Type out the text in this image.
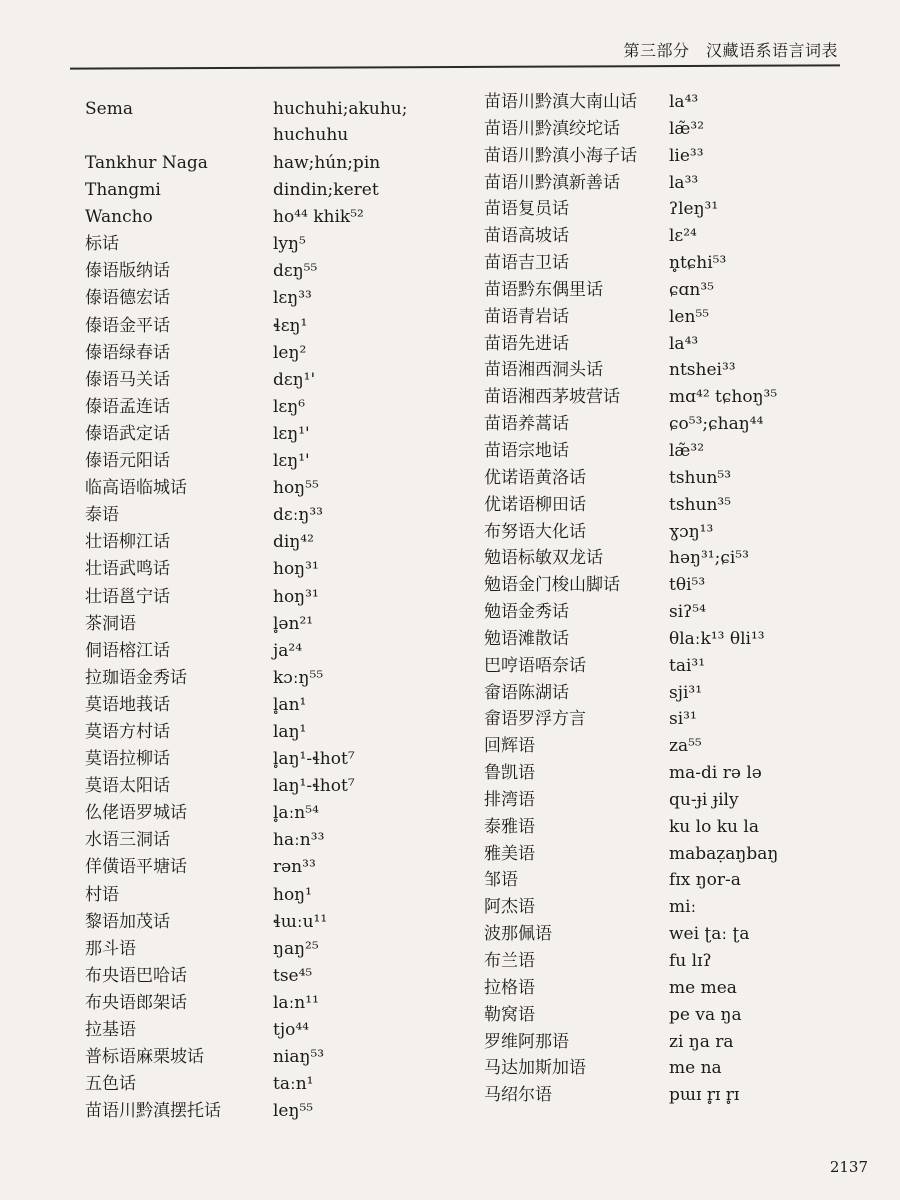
第三部分　汉藏语系语言词表
Sema	huchuhi;akuhu; huchuhu
Tankhur Naga	haw;hún;pin
Thangmi	dindin;keret
Wancho	ho⁴⁴ khik⁵²
标话	lyŋ⁵
傣语版纳话	dɛŋ⁵⁵
傣语德宏话	lɛŋ³³
傣语金平话	ɬɛŋ¹
傣语绿春话	leŋ²
傣语马关话	dɛŋ¹'
傣语孟连话	lɛŋ⁶
傣语武定话	lɛŋ¹'
傣语元阳话	lɛŋ¹'
临高语临城话	hoŋ⁵⁵
泰语	dɛːŋ³³
壮语柳江话	diŋ⁴²
壮语武鸣话	hoŋ³¹
壮语邕宁话	hoŋ³¹
茶洞语	l̥ən²¹
侗语榕江话	ja²⁴
拉珈语金秀话	kɔːŋ⁵⁵
莫语地莪话	l̥an¹
莫语方村话	laŋ¹
莫语拉柳话	l̥aŋ¹-ɬhot⁷
莫语太阳话	laŋ¹-ɬhot⁷
仫佬语罗城话	l̥aːn⁵⁴
水语三洞话	haːn³³
佯僙语平塘话	rən³³
村语	hoŋ¹
黎语加茂话	ɬɯːu¹¹
那斗语	ŋaŋ²⁵
布央语巴哈话	tse⁴⁵
布央语郎架话	laːn¹¹
拉基语	tjo⁴⁴
普标语麻栗坡话	niaŋ⁵³
五色话	taːn¹
苗语川黔滇摆托话	leŋ⁵⁵
苗语川黔滇大南山话 la⁴³
苗语川黔滇绞坨话	læ̃³²
苗语川黔滇小海子话 lie³³
苗语川黔滇新善话	la³³
苗语复员话	ʔleŋ³¹
苗语高坡话	lɛ²⁴
苗语吉卫话	n̥tɕhi⁵³
苗语黔东偶里话	ɕɑn³⁵
苗语青岩话	len⁵⁵
苗语先进话	la⁴³
苗语湘西洞头话	ntshei³³
苗语湘西茅坡营话	mɑ⁴² tɕhoŋ³⁵
苗语养蒿话	ɕo⁵³;ɕhaŋ⁴⁴
苗语宗地话	læ̃³²
优诺语黄洛话	tshun⁵³
优诺语柳田话	tshun³⁵
布努语大化话	ɣɔŋ¹³
勉语标敏双龙话	həŋ³¹;ɕi⁵³
勉语金门梭山脚话	tθi⁵³
勉语金秀话	siʔ⁵⁴
勉语滩散话	θlaːk¹³ θli¹³
巴哼语唔奈话	tai³¹
畲语陈湖话	sji³¹
畲语罗浮方言	si³¹
回辉语	za⁵⁵
鲁凯语	ma-di rə lə
排湾语	qu-ɟi ɟily
泰雅语	ku lo ku la
雅美语	mabaẓaŋbaŋ
邹语	fɪx ŋor-a
阿杰语	miː
波那佩语	wei ʈaː ʈa
布兰语	fu lɪʔ
拉格语	me mea
勒窝语	pe va ŋa
罗维阿那语	zi ŋa ra
马达加斯加语	me na
马绍尔语	pɯɪ r̥ɪ r̥ɪ
2137
